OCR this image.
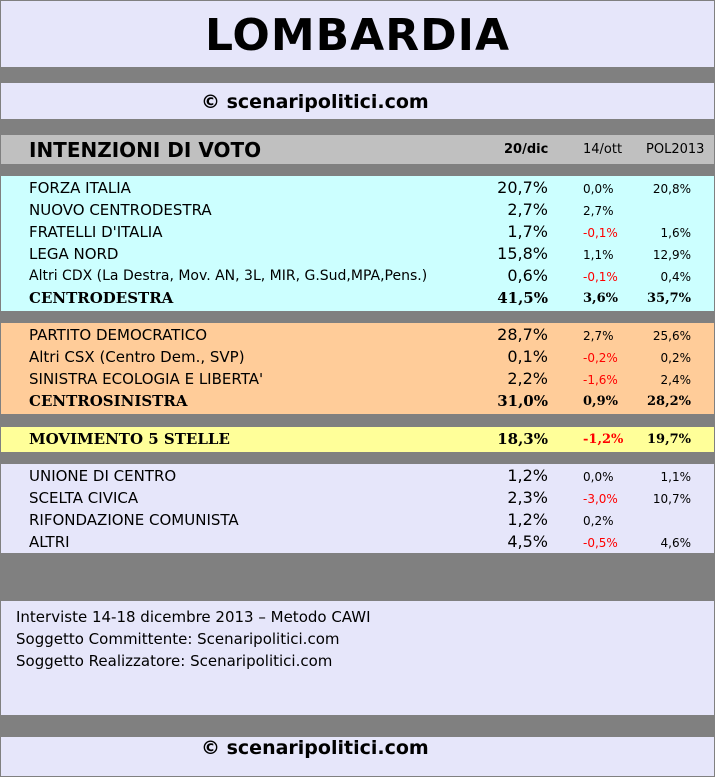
LOMBARDIA
© scenaripolitici.com
INTENZIONI DI VOTO	20/dic	14/ott POL2013
FORZA ITALIA	20,7%	0,0%	20,8%
NUOVO CENTRODESTRA	2,7%	2,7%
FRATELLI D'ITALIA	1,7%	-0,1%	1,6%
LEGA NORD	15,8%	1,1%	12,9%
Altri CDX (La Destra, Mov. AN, 3L, MIR, G.Sud,MPA,Pens.)	0,6%	-0,1%	0,4%
CENTRODESTRA	41,5%	3,6% 35,7%
PARTITO DEMOCRATICO	28,7%	2,7%	25,6%
Altri CSX (Centro Dem., SVP)	0,1%	-0,2%	0,2%
SINISTRA ECOLOGIA E LIBERTA'	2,2%	-1,6%	2,4%
CENTROSINISTRA	31,0%	0,9% 28,2%
MOVIMENTO 5 STELLE	18,3%	-1,2% 19,7%
UNIONE DI CENTRO	1,2%	0,0%	1,1%
SCELTA CIVICA	2,3%	-3,0%	10,7%
RIFONDAZIONE COMUNISTA	1,2%	0,2%
ALTRI	4,5%	-0,5%	4,6%
Interviste 14-18 dicembre 2013 – Metodo CAWI
Soggetto Committente: Scenaripolitici.com
Soggetto Realizzatore: Scenaripolitici.com
© scenaripolitici.com
